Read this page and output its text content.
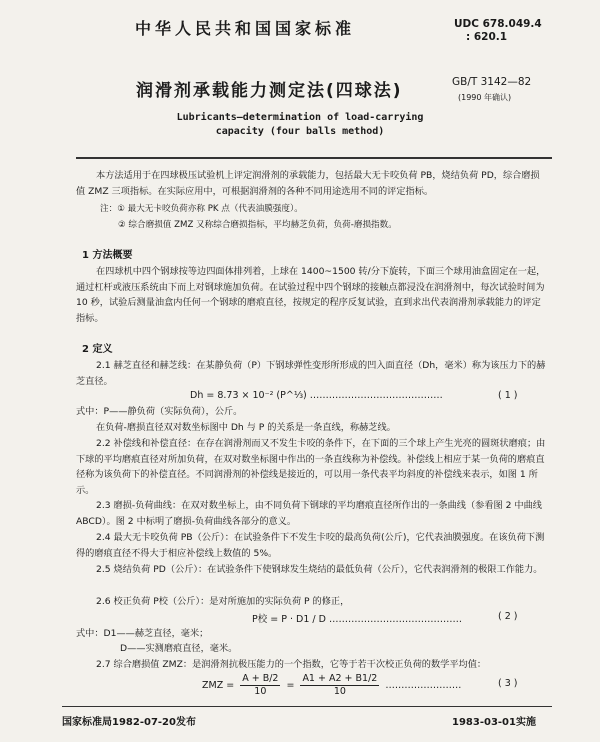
中华人民共和国国家标准	UDC 678.049.4
: 620.1
润滑剂承载能力测定法(四球法)	GB/T 3142—82
(1990 年确认)
Lubricants—determination of load-carrying
capacity (four balls method)
本方法适用于在四球极压试验机上评定润滑剂的承载能力，包括最大无卡咬负荷 PB，烧结负荷 PD，综合磨损值 ZMZ 三项指标。在实际应用中，可根据润滑剂的各种不同用途选用不同的评定指标。
注：① 最大无卡咬负荷亦称 PK 点（代表油膜强度）。
② 综合磨损值 ZMZ 又称综合磨损指标，平均赫芝负荷，负荷-磨损指数。
1 方法概要
在四球机中四个钢球按等边四面体排列着，上球在 1400~1500 转/分下旋转，下面三个球用油盒固定在一起，通过杠杆或液压系统由下而上对钢球施加负荷。在试验过程中四个钢球的接触点都浸没在润滑剂中，每次试验时间为 10 秒，试验后测量油盒内任何一个钢球的磨痕直径，按规定的程序反复试验，直到求出代表润滑剂承载能力的评定指标。
2 定义
2.1 赫芝直径和赫芝线：在某静负荷（P）下钢球弹性变形所形成的凹入面直径（Dh，毫米）称为该压力下的赫芝直径。
Dh = 8.73 × 10⁻² (P^⅓) ……………………………………	( 1 )
式中：P——静负荷（实际负荷），公斤。
在负荷-磨损直径双对数坐标图中 Dh 与 P 的关系是一条直线，称赫芝线。
2.2 补偿线和补偿直径：在存在润滑剂而又不发生卡咬的条件下，在下面的三个球上产生光亮的圆斑状磨痕；由下球的平均磨痕直径对所加负荷，在双对数坐标图中作出的一条直线称为补偿线。补偿线上相应于某一负荷的磨痕直径称为该负荷下的补偿直径。不同润滑剂的补偿线是接近的，可以用一条代表平均斜度的补偿线来表示，如图 1 所示。
2.3 磨损-负荷曲线：在双对数坐标上，由不同负荷下钢球的平均磨痕直径所作出的一条曲线（参看图 2 中曲线 ABCD）。图 2 中标明了磨损-负荷曲线各部分的意义。
2.4 最大无卡咬负荷 PB（公斤）：在试验条件下不发生卡咬的最高负荷(公斤)，它代表油膜强度。在该负荷下测得的磨痕直径不得大于相应补偿线上数值的 5%。
2.5 烧结负荷 PD（公斤）：在试验条件下使钢球发生烧结的最低负荷（公斤），它代表润滑剂的极限工作能力。
2.6 校正负荷 P校（公斤）：是对所施加的实际负荷 P 的修正，
P校 = P · D1 / D ……………………………………	( 2 )
式中：D1——赫芝直径，毫米；
D——实测磨痕直径，毫米。
2.7 综合磨损值 ZMZ：是润滑剂抗极压能力的一个指数，它等于若干次校正负荷的数学平均值：
ZMZ = $\frac{A + B/2}{10} = \frac{A1 + A2 + B1/2}{10}$ ……………………	( 3 )
国家标准局1982-07-20发布	1983-03-01实施
